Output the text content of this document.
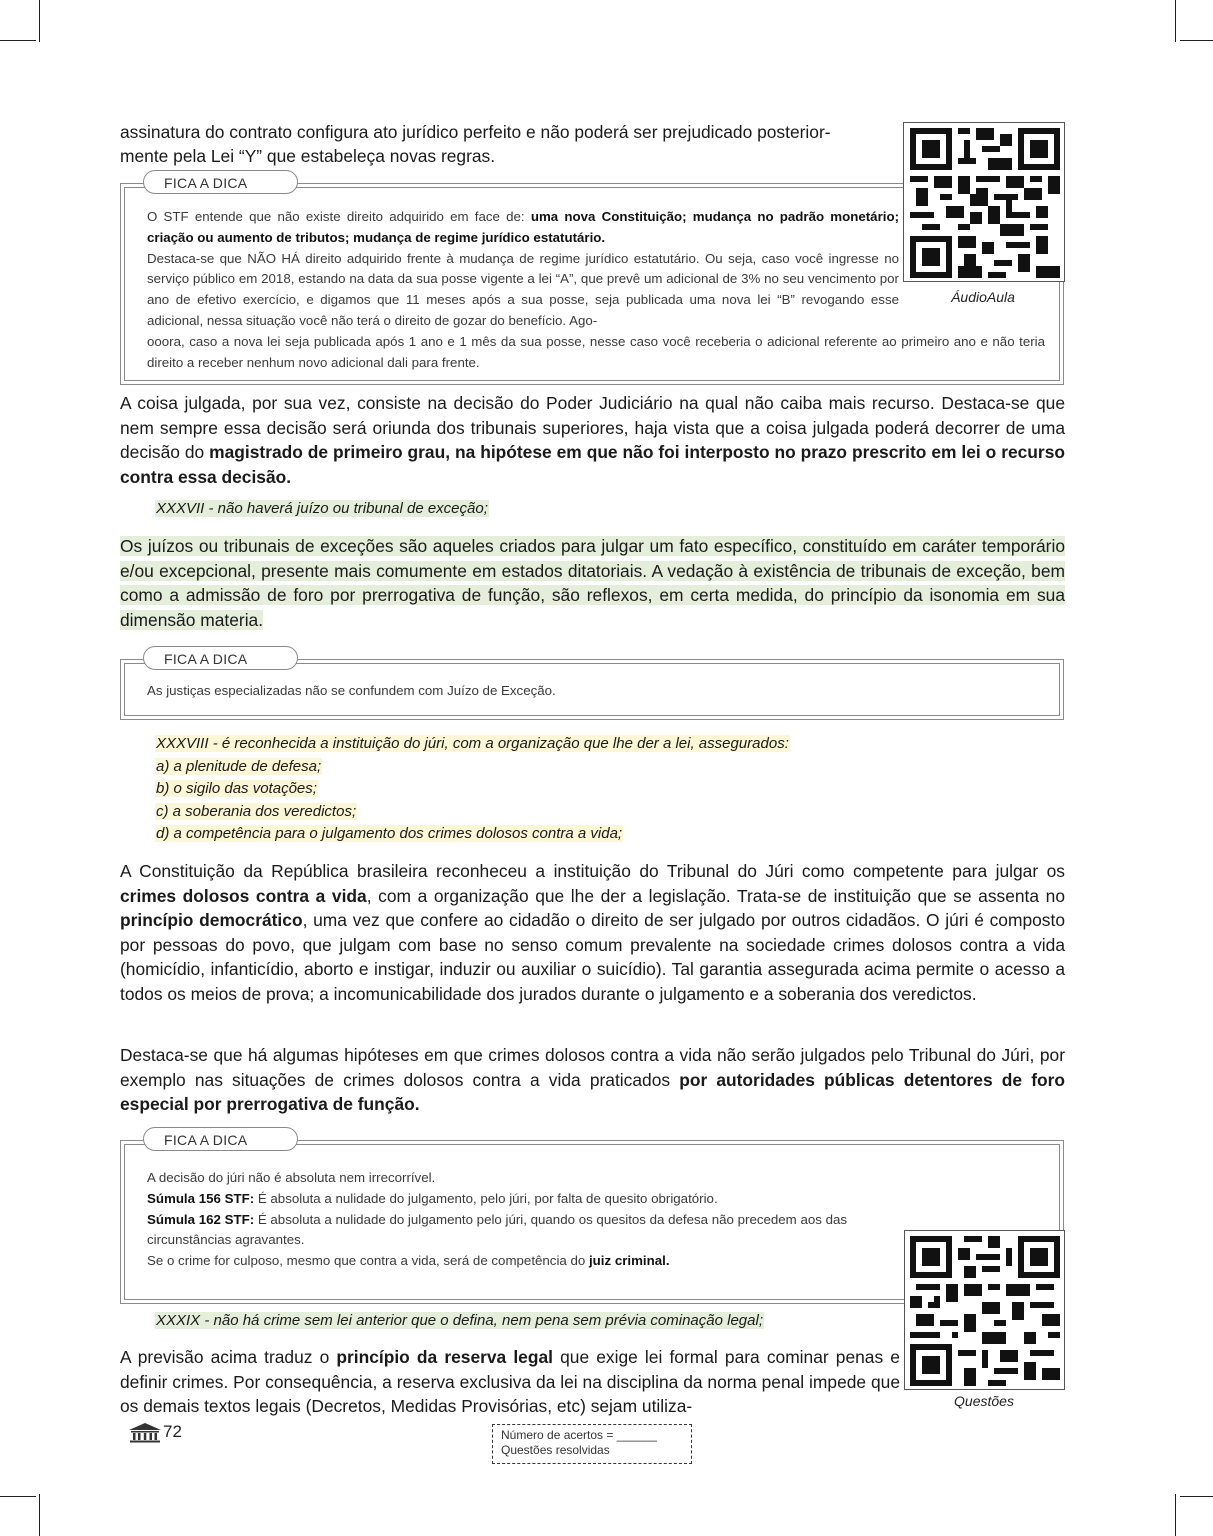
assinatura do contrato configura ato jurídico perfeito e não poderá ser prejudicado posterior-
mente pela Lei “Y” que estabeleça novas regras.
FICA A DICA
O STF entende que não existe direito adquirido em face de: uma nova Constituição; mudança no padrão monetário; criação ou aumento de tributos; mudança de regime jurídico estatutário.
Destaca-se que NÃO HÁ direito adquirido frente à mudança de regime jurídico estatutário. Ou seja, caso você ingresse no serviço público em 2018, estando na data da sua posse vigente a lei “A”, que prevê um adicional de 3% no seu vencimento por ano de efetivo exercício, e digamos que 11 meses após a sua posse, seja publicada uma nova lei “B” revogando esse adicional, nessa situação você não terá o direito de gozar do benefício. Ago-
ooora, caso a nova lei seja publicada após 1 ano e 1 mês da sua posse, nesse caso você receberia o adicional referente ao primeiro ano e não teria direito a receber nenhum novo adicional dali para frente.
ÁudioAula
A coisa julgada, por sua vez, consiste na decisão do Poder Judiciário na qual não caiba mais recurso. Destaca-se que nem sempre essa decisão será oriunda dos tribunais superiores, haja vista que a coisa julgada poderá decorrer de uma decisão do magistrado de primeiro grau, na hipótese em que não foi interposto no prazo prescrito em lei o recurso contra essa decisão.
XXXVII - não haverá juízo ou tribunal de exceção;
Os juízos ou tribunais de exceções são aqueles criados para julgar um fato específico, constituído em caráter temporário e/ou excepcional, presente mais comumente em estados ditatoriais. A vedação à existência de tribunais de exceção, bem como a admissão de foro por prerrogativa de função, são reflexos, em certa medida, do princípio da isonomia em sua dimensão materia.
FICA A DICA
As justiças especializadas não se confundem com Juízo de Exceção.
XXXVIII - é reconhecida a instituição do júri, com a organização que lhe der a lei, assegurados:
a) a plenitude de defesa;
b) o sigilo das votações;
c) a soberania dos veredictos;
d) a competência para o julgamento dos crimes dolosos contra a vida;
A Constituição da República brasileira reconheceu a instituição do Tribunal do Júri como competente para julgar os crimes dolosos contra a vida, com a organização que lhe der a legislação. Trata-se de instituição que se assenta no princípio democrático, uma vez que confere ao cidadão o direito de ser julgado por outros cidadãos. O júri é composto por pessoas do povo, que julgam com base no senso comum prevalente na sociedade crimes dolosos contra a vida (homicídio, infanticídio, aborto e instigar, induzir ou auxiliar o suicídio). Tal garantia assegurada acima permite o acesso a todos os meios de prova; a incomunicabilidade dos jurados durante o julgamento e a soberania dos veredictos.
Destaca-se que há algumas hipóteses em que crimes dolosos contra a vida não serão julgados pelo Tribunal do Júri, por exemplo nas situações de crimes dolosos contra a vida praticados por autoridades públicas detentores de foro especial por prerrogativa de função.
FICA A DICA
A decisão do júri não é absoluta nem irrecorrível.
Súmula 156 STF: É absoluta a nulidade do julgamento, pelo júri, por falta de quesito obrigatório.
Súmula 162 STF: É absoluta a nulidade do julgamento pelo júri, quando os quesitos da defesa não precedem aos das circunstâncias agravantes.
Se o crime for culposo, mesmo que contra a vida, será de competência do juiz criminal.
Questões
XXXIX - não há crime sem lei anterior que o defina, nem pena sem prévia cominação legal;
A previsão acima traduz o princípio da reserva legal que exige lei formal para cominar penas e definir crimes. Por consequência, a reserva exclusiva da lei na disciplina da norma penal impede que os demais textos legais (Decretos, Medidas Provisórias, etc) sejam utiliza-
72	Número de acertos = ______
Questões resolvidas
